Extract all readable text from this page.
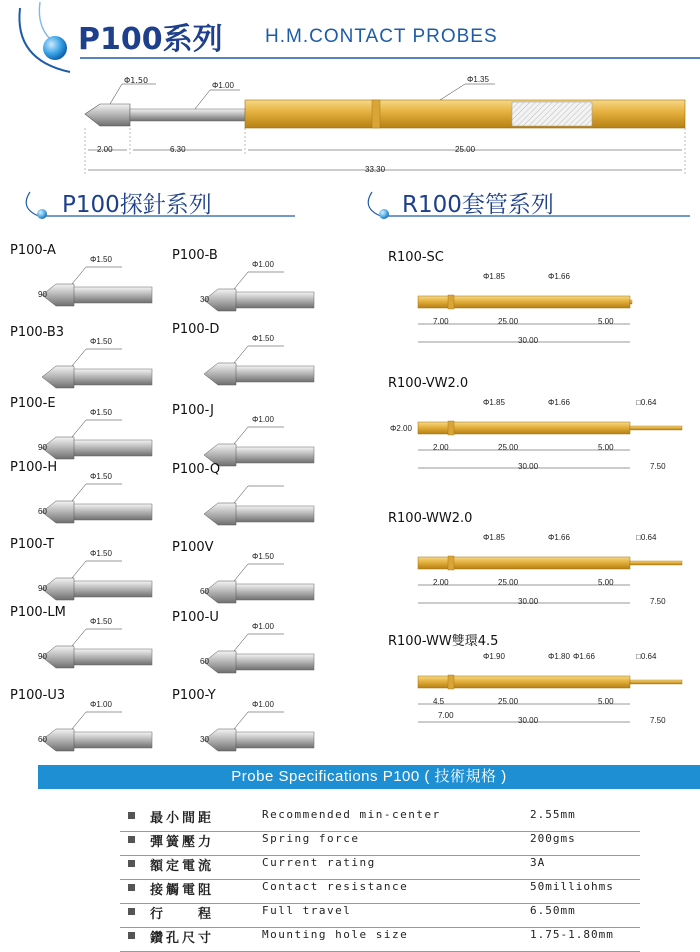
P100系列 H.M.CONTACT PROBES
Φ1.50
Φ1.00
Φ1.35
2.00	6.30	25.00
33.30
P100探針系列	R100套管系列
P100-A
Φ1.50
90
P100-B
Φ1.00
30
P100-B3
Φ1.50
P100-D
Φ1.50
P100-E
Φ1.50
90
P100-J
Φ1.00
P100-H
Φ1.50
60
P100-Q
P100-T
Φ1.50
90
P100V
Φ1.50
60
P100-LM
Φ1.50
90
P100-U
Φ1.00
60
P100-U3
Φ1.00
60
P100-Y
Φ1.00
30
R100-SC
Φ1.85	Φ1.66
7.00	25.00	5.00
30.00
R100-VW2.0
Φ1.85	Φ1.66	□0.64
2.00	25.00	5.00
30.00	7.50
Φ2.00
R100-WW2.0
Φ1.85	Φ1.66	□0.64
2.00	25.00	5.00
30.00	7.50
R100-WW雙環4.5
Φ1.90	Φ1.80 Φ1.66	□0.64
4.5
7.00
25.00	5.00
30.00	7.50
Probe Specifications P100 ( 技術規格 )
最小間距	Recommended min-center	2.55mm
彈簧壓力	Spring force	200gms
額定電流	Current rating	3A
接觸電阻	Contact resistance	50milliohms
行　　程	Full travel	6.50mm
鑽孔尺寸	Mounting hole size	1.75-1.80mm
